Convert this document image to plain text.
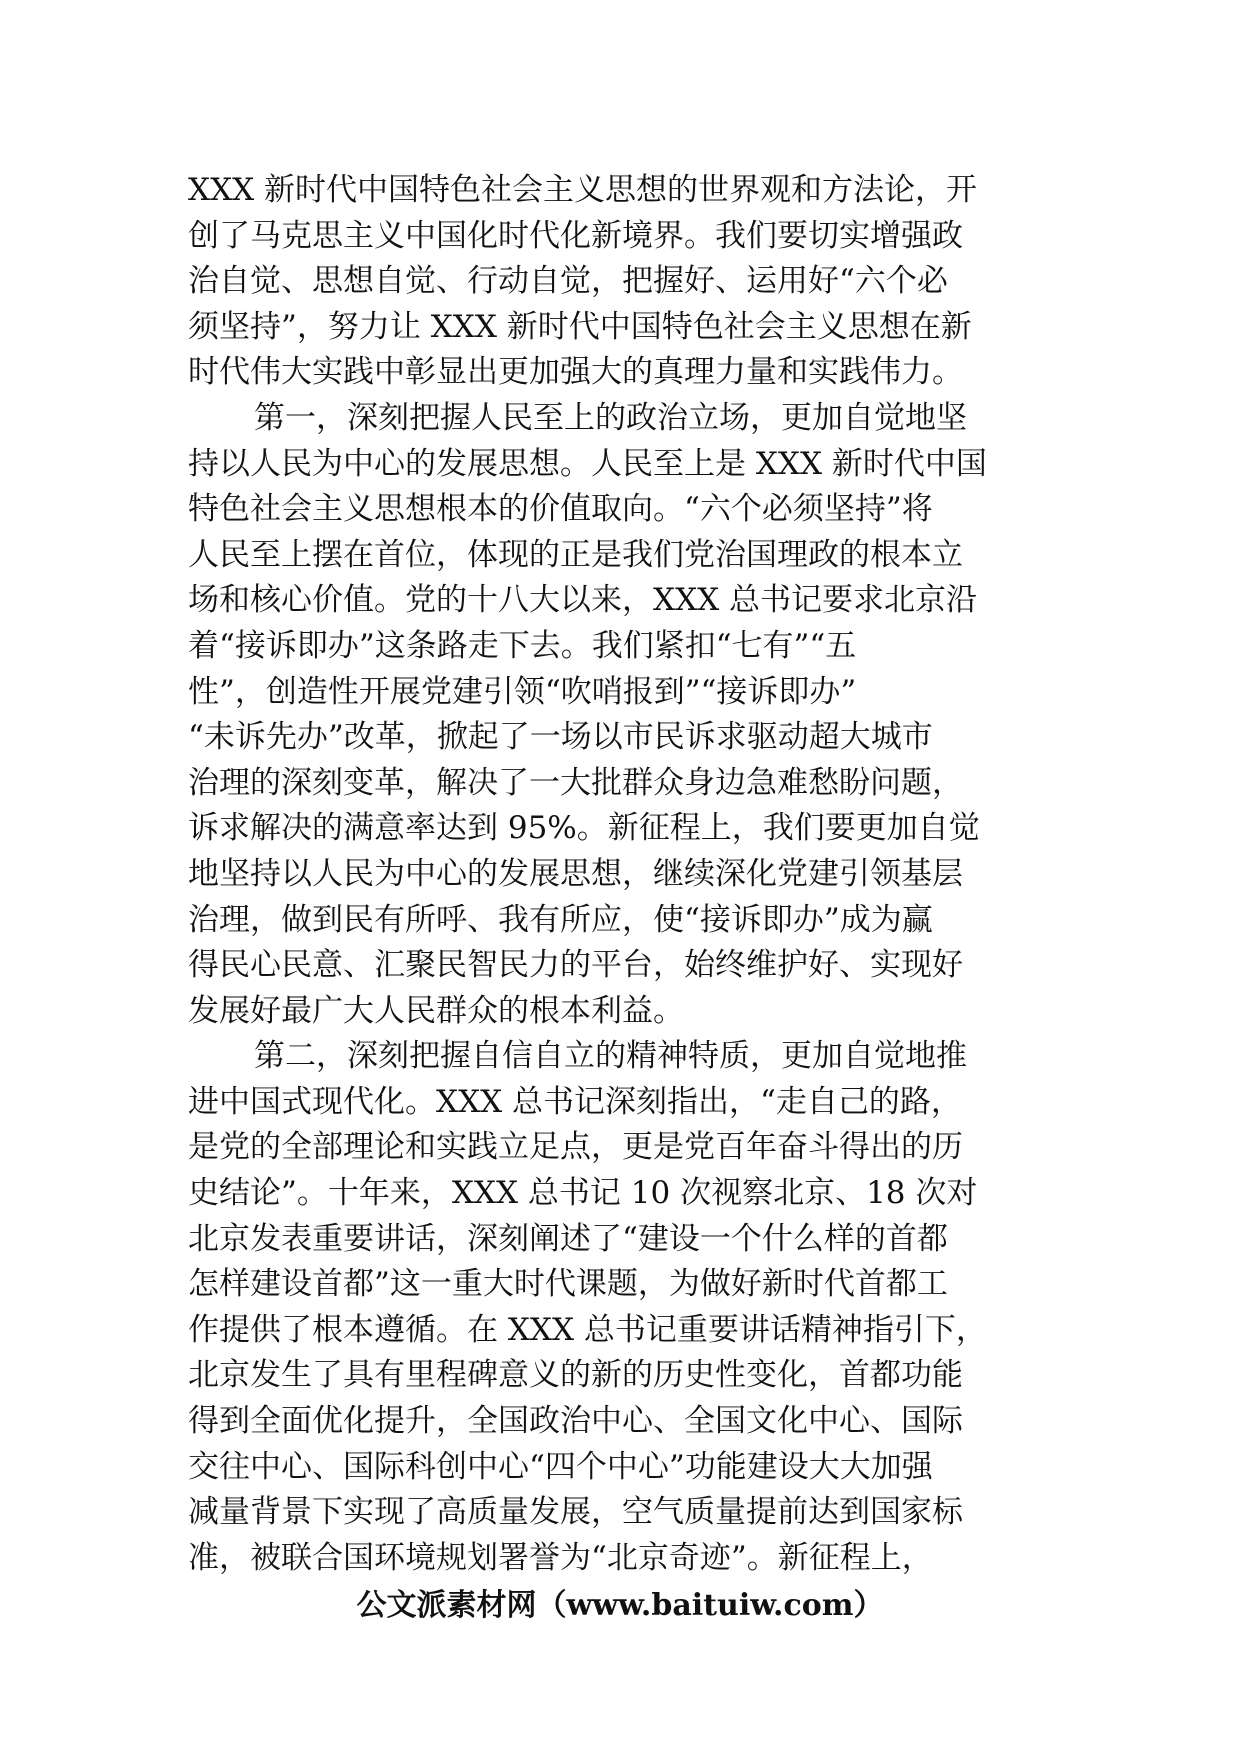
XXX 新时代中国特色社会主义思想的世界观和方法论，开
创了马克思主义中国化时代化新境界。我们要切实增强政
治自觉、思想自觉、行动自觉，把握好、运用好“六个必
须坚持”，努力让 XXX 新时代中国特色社会主义思想在新
时代伟大实践中彰显出更加强大的真理力量和实践伟力。
第一，深刻把握人民至上的政治立场，更加自觉地坚
持以人民为中心的发展思想。人民至上是 XXX 新时代中国
特色社会主义思想根本的价值取向。“六个必须坚持”将
人民至上摆在首位，体现的正是我们党治国理政的根本立
场和核心价值。党的十八大以来，XXX 总书记要求北京沿
着“接诉即办”这条路走下去。我们紧扣“七有”“五
性”，创造性开展党建引领“吹哨报到”“接诉即办”
“未诉先办”改革，掀起了一场以市民诉求驱动超大城市
治理的深刻变革，解决了一大批群众身边急难愁盼问题，
诉求解决的满意率达到 95%。新征程上，我们要更加自觉
地坚持以人民为中心的发展思想，继续深化党建引领基层
治理，做到民有所呼、我有所应，使“接诉即办”成为赢
得民心民意、汇聚民智民力的平台，始终维护好、实现好
发展好最广大人民群众的根本利益。
第二，深刻把握自信自立的精神特质，更加自觉地推
进中国式现代化。XXX 总书记深刻指出，“走自己的路，
是党的全部理论和实践立足点，更是党百年奋斗得出的历
史结论”。十年来，XXX 总书记 10 次视察北京、18 次对
北京发表重要讲话，深刻阐述了“建设一个什么样的首都
怎样建设首都”这一重大时代课题，为做好新时代首都工
作提供了根本遵循。在 XXX 总书记重要讲话精神指引下，
北京发生了具有里程碑意义的新的历史性变化，首都功能
得到全面优化提升，全国政治中心、全国文化中心、国际
交往中心、国际科创中心“四个中心”功能建设大大加强
减量背景下实现了高质量发展，空气质量提前达到国家标
准，被联合国环境规划署誉为“北京奇迹”。新征程上，
公文派素材网（www.baituiw.com）
